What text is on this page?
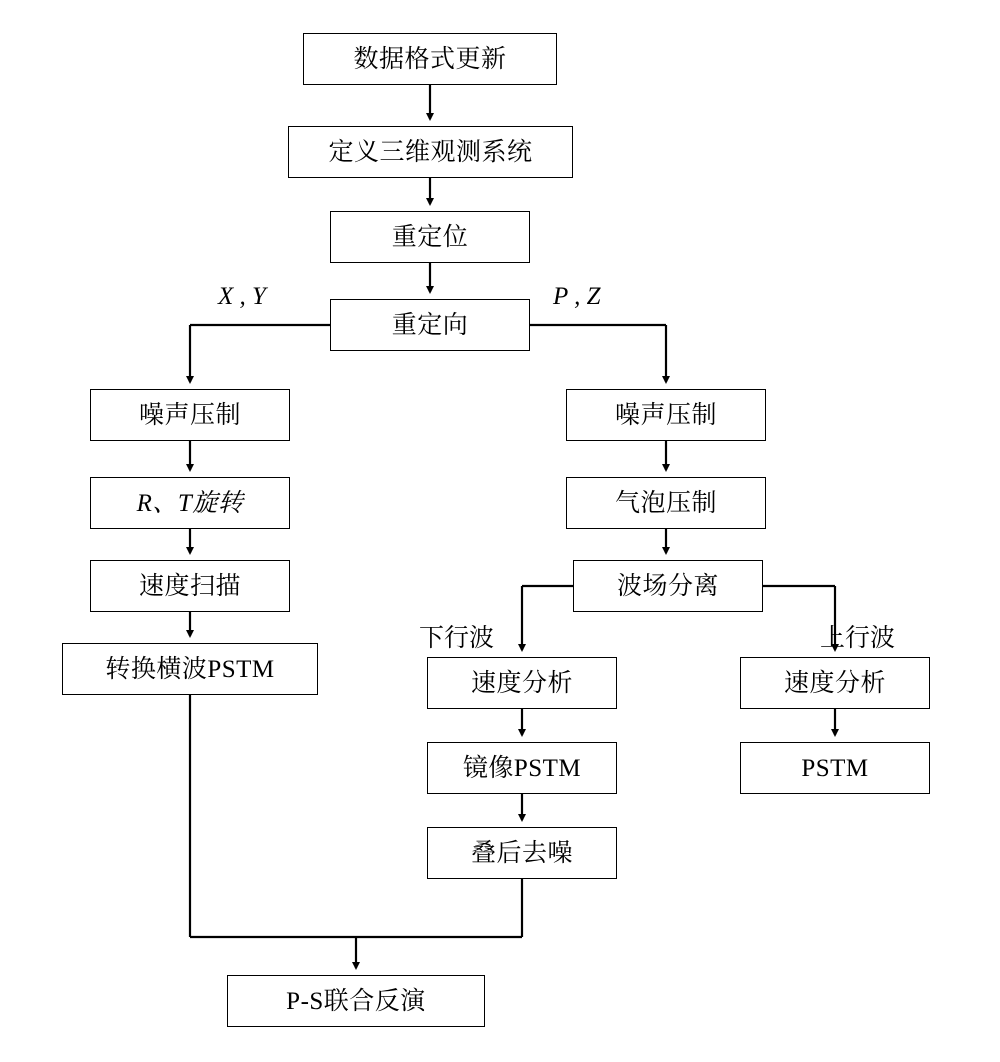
数据格式更新
定义三维观测系统
重定位
重定向
噪声压制
R、T旋转
速度扫描
转换横波PSTM
噪声压制
气泡压制
波场分离
速度分析
镜像PSTM
叠后去噪
速度分析
PSTM
P-S联合反演
X , Y	P , Z
下行波	上行波
